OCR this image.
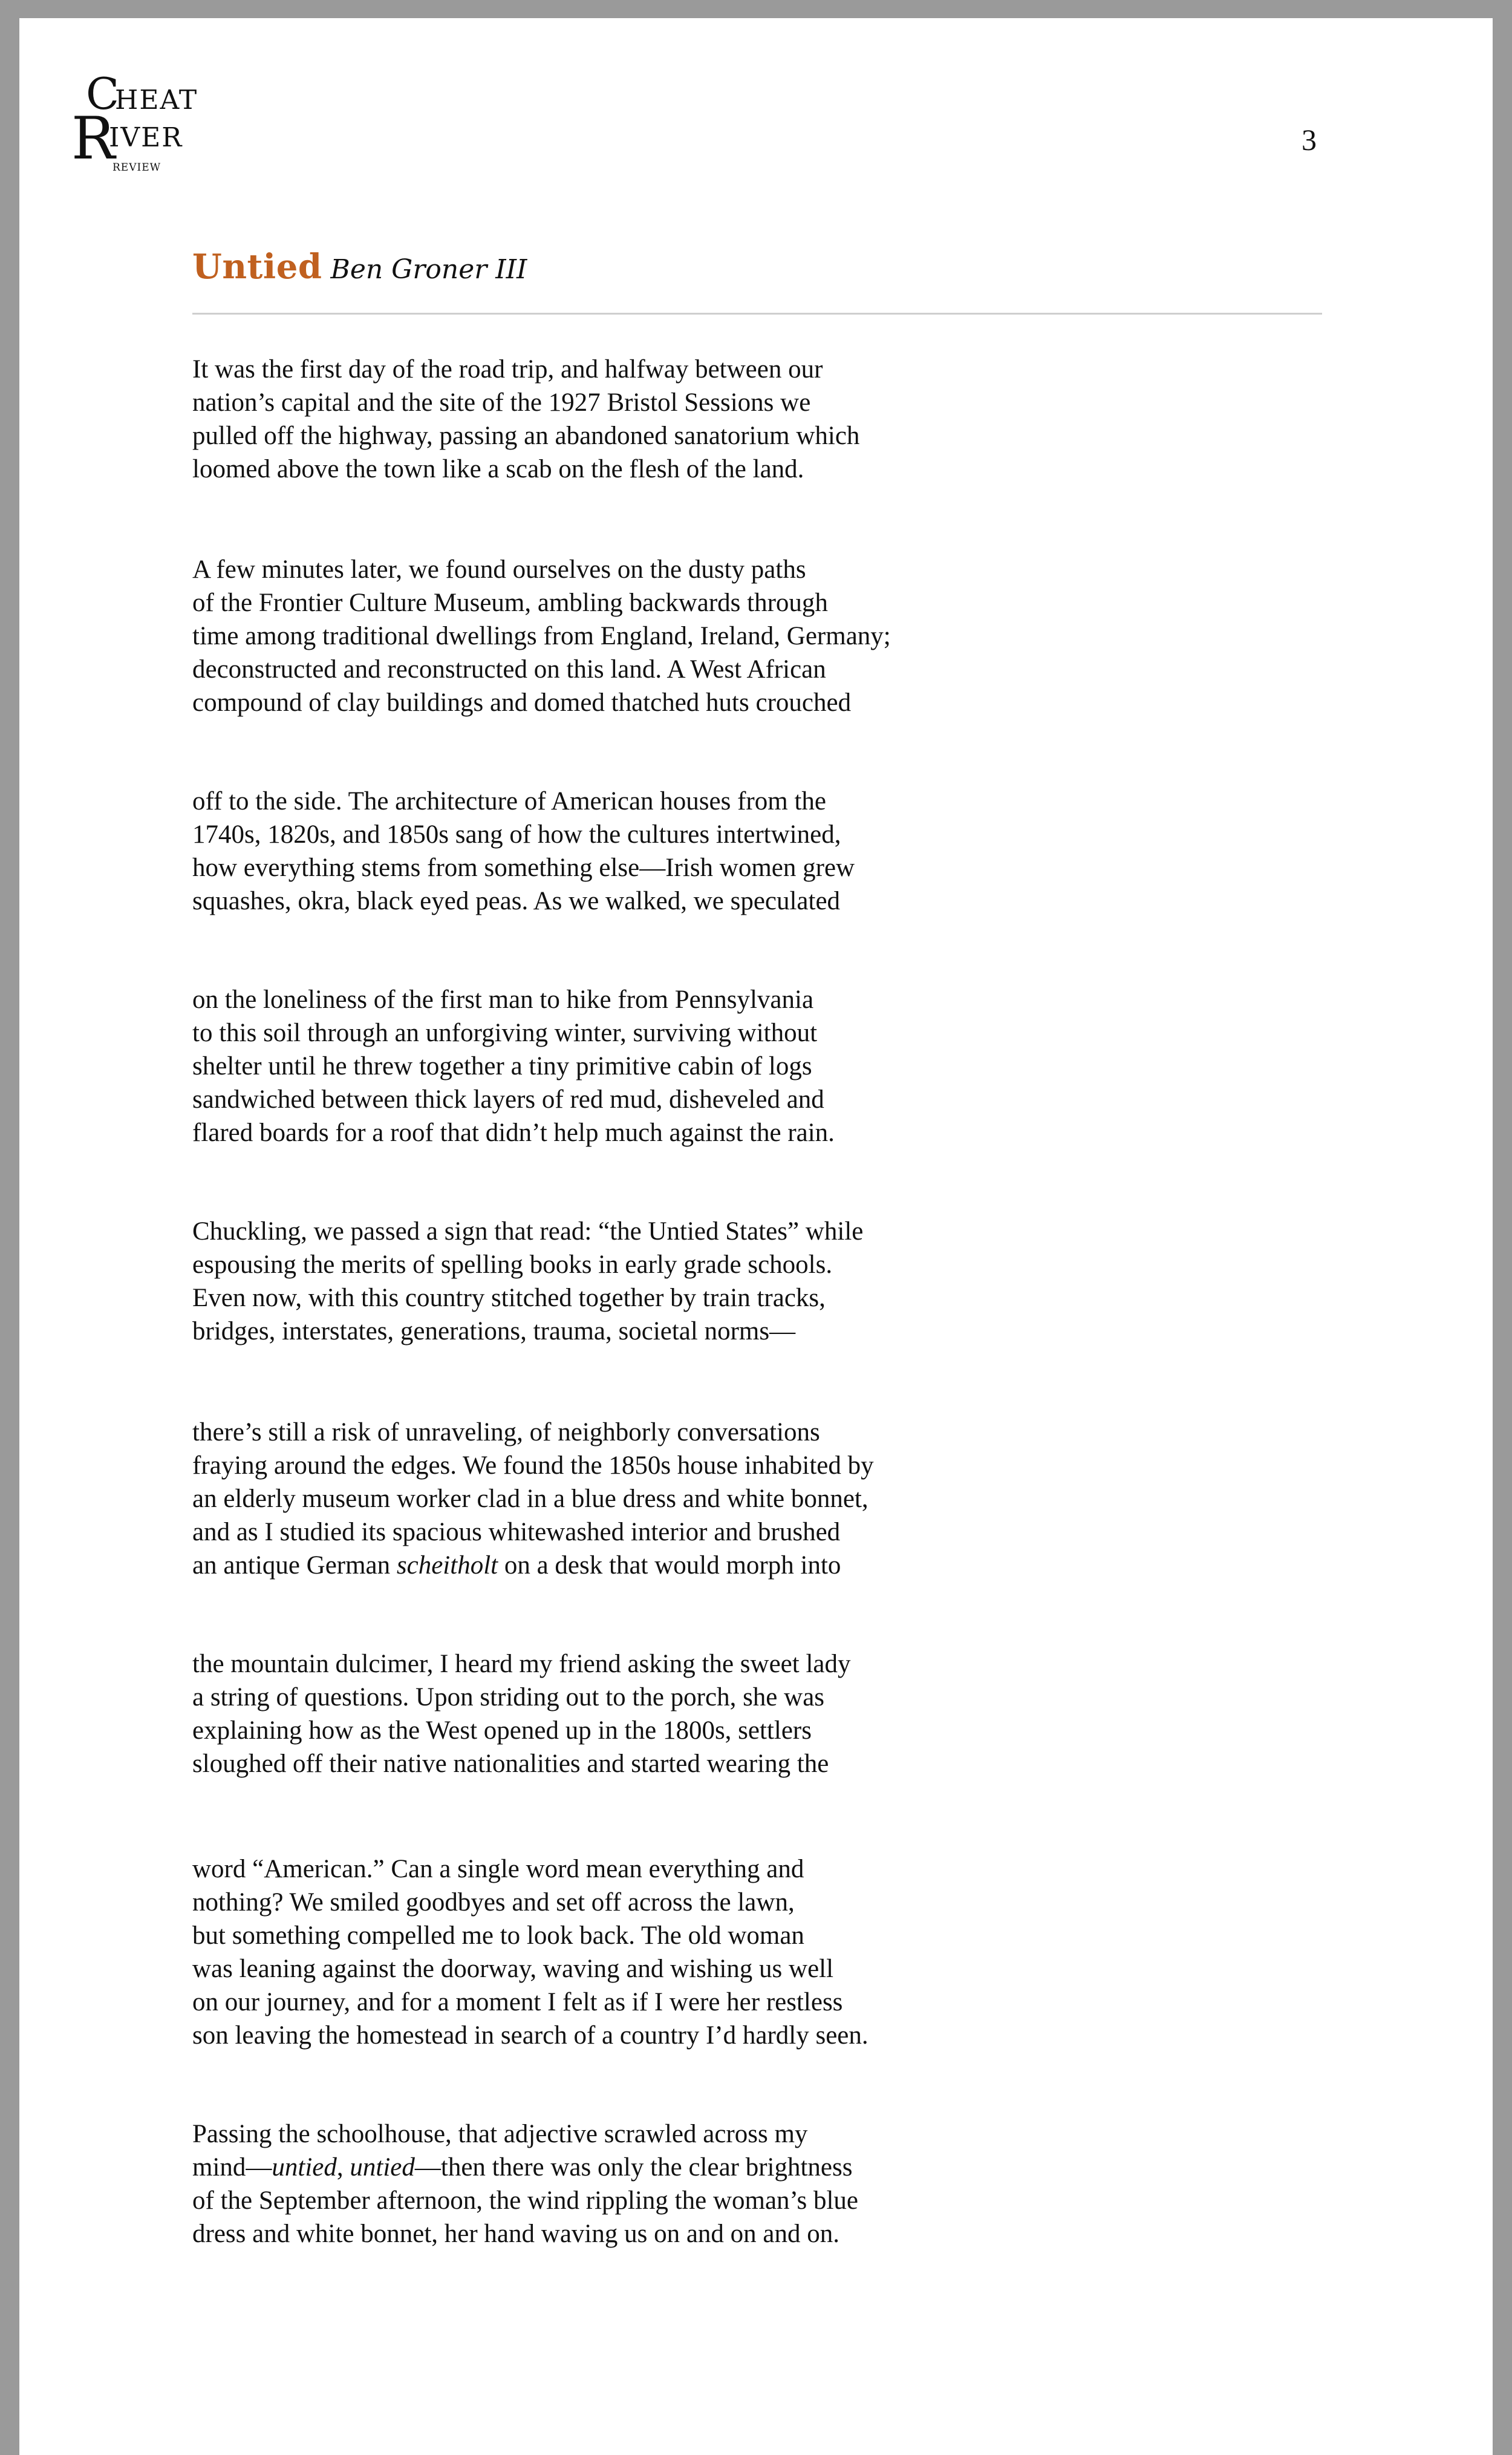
C
HEAT
R
IVER
REVIEW
3
Untied Ben Groner III
It was the first day of the road trip, and halfway between our
nation’s capital and the site of the 1927 Bristol Sessions we
pulled off the highway, passing an abandoned sanatorium which
loomed above the town like a scab on the flesh of the land.
A few minutes later, we found ourselves on the dusty paths
of the Frontier Culture Museum, ambling backwards through
time among traditional dwellings from England, Ireland, Germany;
deconstructed and reconstructed on this land. A West African
compound of clay buildings and domed thatched huts crouched
off to the side. The architecture of American houses from the
1740s, 1820s, and 1850s sang of how the cultures intertwined,
how everything stems from something else—Irish women grew
squashes, okra, black eyed peas. As we walked, we speculated
on the loneliness of the first man to hike from Pennsylvania
to this soil through an unforgiving winter, surviving without
shelter until he threw together a tiny primitive cabin of logs
sandwiched between thick layers of red mud, disheveled and
flared boards for a roof that didn’t help much against the rain.
Chuckling, we passed a sign that read: “the Untied States” while
espousing the merits of spelling books in early grade schools.
Even now, with this country stitched together by train tracks,
bridges, interstates, generations, trauma, societal norms—
there’s still a risk of unraveling, of neighborly conversations
fraying around the edges. We found the 1850s house inhabited by
an elderly museum worker clad in a blue dress and white bonnet,
and as I studied its spacious whitewashed interior and brushed
an antique German scheitholt on a desk that would morph into
the mountain dulcimer, I heard my friend asking the sweet lady
a string of questions. Upon striding out to the porch, she was
explaining how as the West opened up in the 1800s, settlers
sloughed off their native nationalities and started wearing the
word “American.” Can a single word mean everything and
nothing? We smiled goodbyes and set off across the lawn,
but something compelled me to look back. The old woman
was leaning against the doorway, waving and wishing us well
on our journey, and for a moment I felt as if I were her restless
son leaving the homestead in search of a country I’d hardly seen.
Passing the schoolhouse, that adjective scrawled across my
mind—untied, untied—then there was only the clear brightness
of the September afternoon, the wind rippling the woman’s blue
dress and white bonnet, her hand waving us on and on and on.
